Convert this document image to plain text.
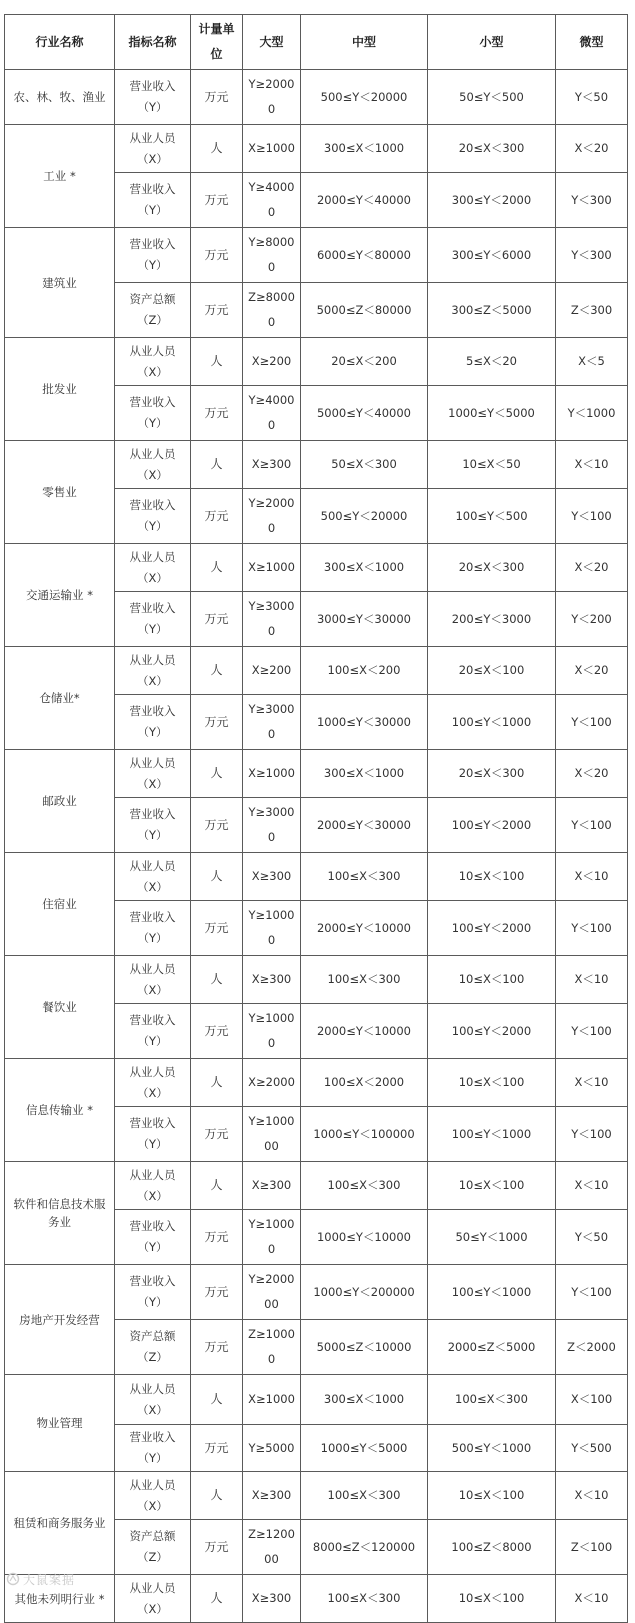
行业名称	指标名称	计量单位	大型	中型	小型	微型
农、林、牧、渔业	营业收入（Y）	万元	Y≥20000	500≤Y＜20000	50≤Y＜500	Y＜50
工业 *	从业人员（X）	人	X≥1000	300≤X＜1000	20≤X＜300	X＜20
	营业收入（Y）	万元	Y≥40000	2000≤Y＜40000	300≤Y＜2000	Y＜300
建筑业	营业收入（Y）	万元	Y≥80000	6000≤Y＜80000	300≤Y＜6000	Y＜300
	资产总额（Z）	万元	Z≥80000	5000≤Z＜80000	300≤Z＜5000	Z＜300
批发业	从业人员（X）	人	X≥200	20≤X＜200	5≤X＜20	X＜5
	营业收入（Y）	万元	Y≥40000	5000≤Y＜40000	1000≤Y＜5000	Y＜1000
零售业	从业人员（X）	人	X≥300	50≤X＜300	10≤X＜50	X＜10
	营业收入（Y）	万元	Y≥20000	500≤Y＜20000	100≤Y＜500	Y＜100
交通运输业 *	从业人员（X）	人	X≥1000	300≤X＜1000	20≤X＜300	X＜20
	营业收入（Y）	万元	Y≥30000	3000≤Y＜30000	200≤Y＜3000	Y＜200
仓储业*	从业人员（X）	人	X≥200	100≤X＜200	20≤X＜100	X＜20
	营业收入（Y）	万元	Y≥30000	1000≤Y＜30000	100≤Y＜1000	Y＜100
邮政业	从业人员（X）	人	X≥1000	300≤X＜1000	20≤X＜300	X＜20
	营业收入（Y）	万元	Y≥30000	2000≤Y＜30000	100≤Y＜2000	Y＜100
住宿业	从业人员（X）	人	X≥300	100≤X＜300	10≤X＜100	X＜10
	营业收入（Y）	万元	Y≥10000	2000≤Y＜10000	100≤Y＜2000	Y＜100
餐饮业	从业人员（X）	人	X≥300	100≤X＜300	10≤X＜100	X＜10
	营业收入（Y）	万元	Y≥10000	2000≤Y＜10000	100≤Y＜2000	Y＜100
信息传输业 *	从业人员（X）	人	X≥2000	100≤X＜2000	10≤X＜100	X＜10
	营业收入（Y）	万元	Y≥100000	1000≤Y＜100000	100≤Y＜1000	Y＜100
软件和信息技术服务业	从业人员（X）	人	X≥300	100≤X＜300	10≤X＜100	X＜10
	营业收入（Y）	万元	Y≥10000	1000≤Y＜10000	50≤Y＜1000	Y＜50
房地产开发经营	营业收入（Y）	万元	Y≥200000	1000≤Y＜200000	100≤Y＜1000	Y＜100
	资产总额（Z）	万元	Z≥10000	5000≤Z＜10000	2000≤Z＜5000	Z＜2000
物业管理	从业人员（X）	人	X≥1000	300≤X＜1000	100≤X＜300	X＜100
	营业收入（Y）	万元	Y≥5000	1000≤Y＜5000	500≤Y＜1000	Y＜500
租赁和商务服务业	从业人员（X）	人	X≥300	100≤X＜300	10≤X＜100	X＜10
	资产总额（Z）	万元	Z≥120000	8000≤Z＜120000	100≤Z＜8000	Z＜100
其他未列明行业 *	从业人员（X）	人	X≥300	100≤X＜300	10≤X＜100	X＜10
大鼠案据
